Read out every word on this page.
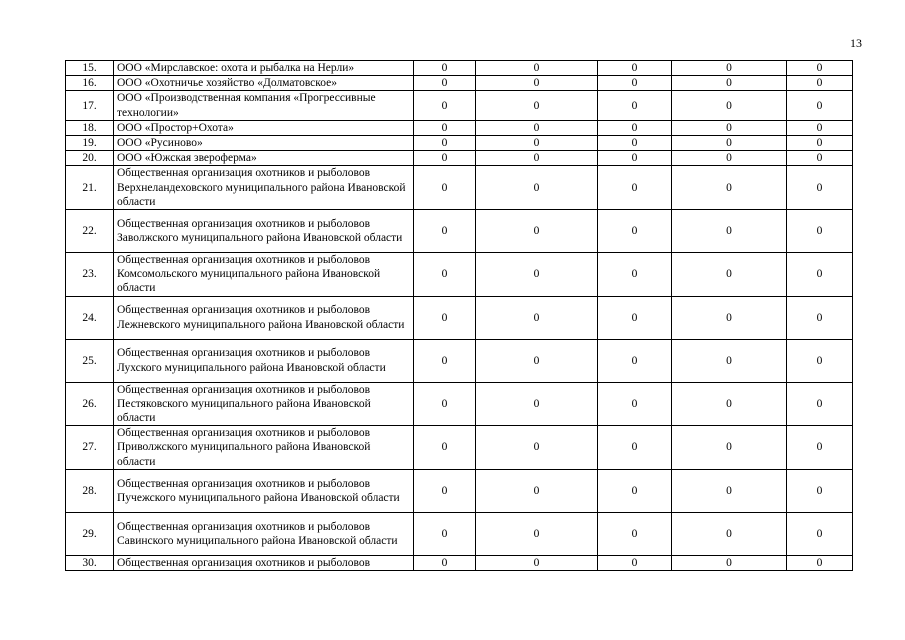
13
15.	ООО «Мирславское: охота и рыбалка на Нерли»	0	0	0	0	0
16.	ООО «Охотничье хозяйство «Долматовское»	0	0	0	0	0
17.	ООО «Производственная компания «Прогрессивные технологии»	0	0	0	0	0
18.	ООО «Простор+Охота»	0	0	0	0	0
19.	ООО «Русиново»	0	0	0	0	0
20.	ООО «Южская звероферма»	0	0	0	0	0
21.	Общественная организация охотников и рыболовов Верхнеландеховского муниципального района Ивановской области	0	0	0	0	0
22.	Общественная организация охотников и рыболовов Заволжского муниципального района Ивановской области	0	0	0	0	0
23.	Общественная организация охотников и рыболовов Комсомольского муниципального района Ивановской области	0	0	0	0	0
24.	Общественная организация охотников и рыболовов Лежневского муниципального района Ивановской области	0	0	0	0	0
25.	Общественная организация охотников и рыболовов Лухского муниципального района Ивановской области	0	0	0	0	0
26.	Общественная организация охотников и рыболовов Пестяковского муниципального района Ивановской области	0	0	0	0	0
27.	Общественная организация охотников и рыболовов Приволжского муниципального района Ивановской области	0	0	0	0	0
28.	Общественная организация охотников и рыболовов Пучежского муниципального района Ивановской области	0	0	0	0	0
29.	Общественная организация охотников и рыболовов Савинского муниципального района Ивановской области	0	0	0	0	0
30.	Общественная организация охотников и рыболовов	0	0	0	0	0
